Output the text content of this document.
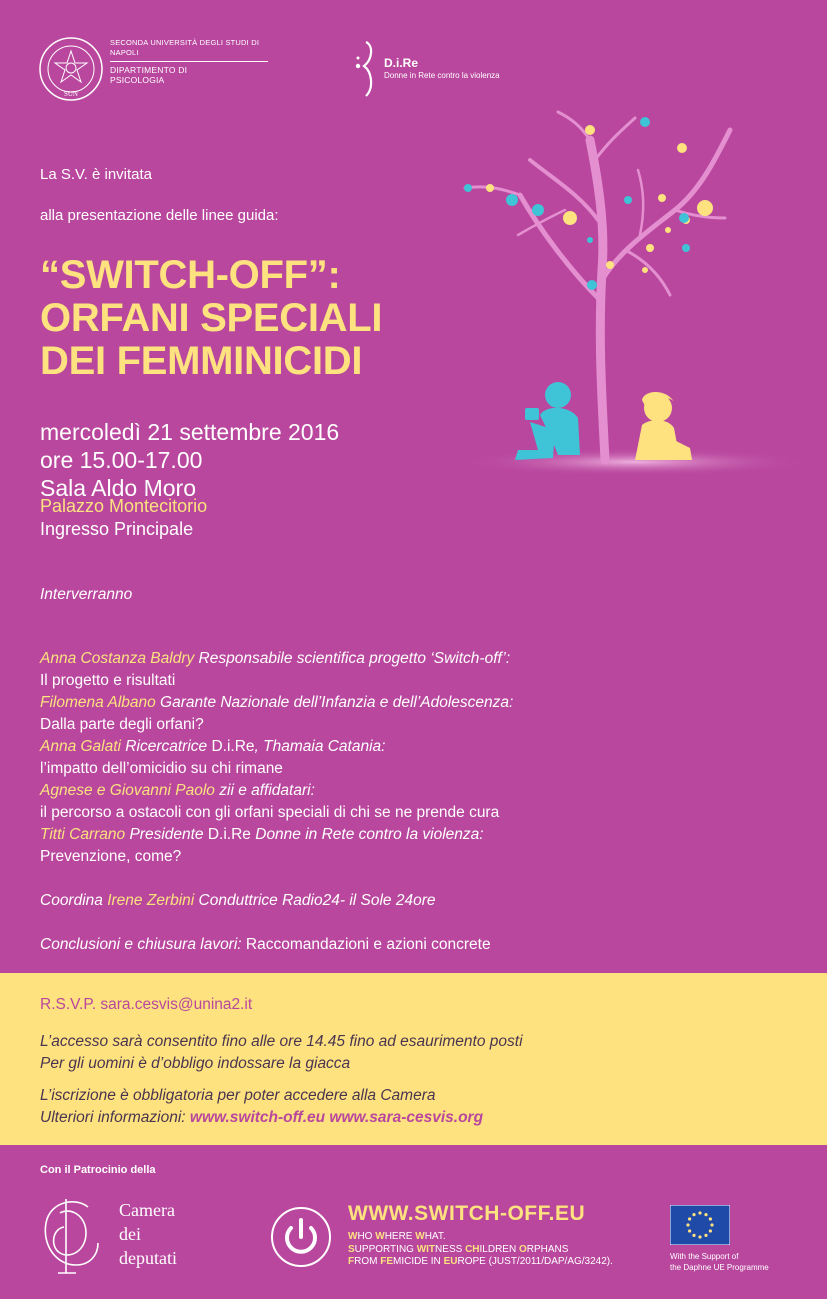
SUN
SECONDA UNIVERSITÀ DEGLI STUDI DI NAPOLI
DIPARTIMENTO DI
PSICOLOGIA
D.i.Re
Donne in Rete contro la violenza
La S.V. è invitata
alla presentazione delle linee guida:
“SWITCH-OFF”:
ORFANI SPECIALI
DEI FEMMINICIDI
mercoledì 21 settembre 2016
ore 15.00-17.00
Sala Aldo Moro
Palazzo Montecitorio
Ingresso Principale
Interverranno
Anna Costanza Baldry Responsabile scientifica progetto ‘Switch-off’:
Il progetto e risultati
Filomena Albano Garante Nazionale dell’Infanzia e dell’Adolescenza:
Dalla parte degli orfani?
Anna Galati Ricercatrice D.i.Re, Thamaia Catania:
l’impatto dell’omicidio su chi rimane
Agnese e Giovanni Paolo zii e affidatari:
il percorso a ostacoli con gli orfani speciali di chi se ne prende cura
Titti Carrano Presidente D.i.Re Donne in Rete contro la violenza:
Prevenzione, come?
Coordina Irene Zerbini Conduttrice Radio24- il Sole 24ore
Conclusioni e chiusura lavori: Raccomandazioni e azioni concrete
R.S.V.P. sara.cesvis@unina2.it
L’accesso sarà consentito fino alle ore 14.45 fino ad esaurimento posti
Per gli uomini è d’obbligo indossare la giacca
L’iscrizione è obbligatoria per poter accedere alla Camera
Ulteriori informazioni: www.switch-off.eu www.sara-cesvis.org
Con il Patrocinio della
Camera
dei
deputati
WWW.SWITCH-OFF.EU
WHO WHERE WHAT.
SUPPORTING WITNESS CHILDREN ORPHANS
FROM FEMICIDE IN EUROPE (JUST/2011/DAP/AG/3242).	With the Support of
the Daphne UE Programme
